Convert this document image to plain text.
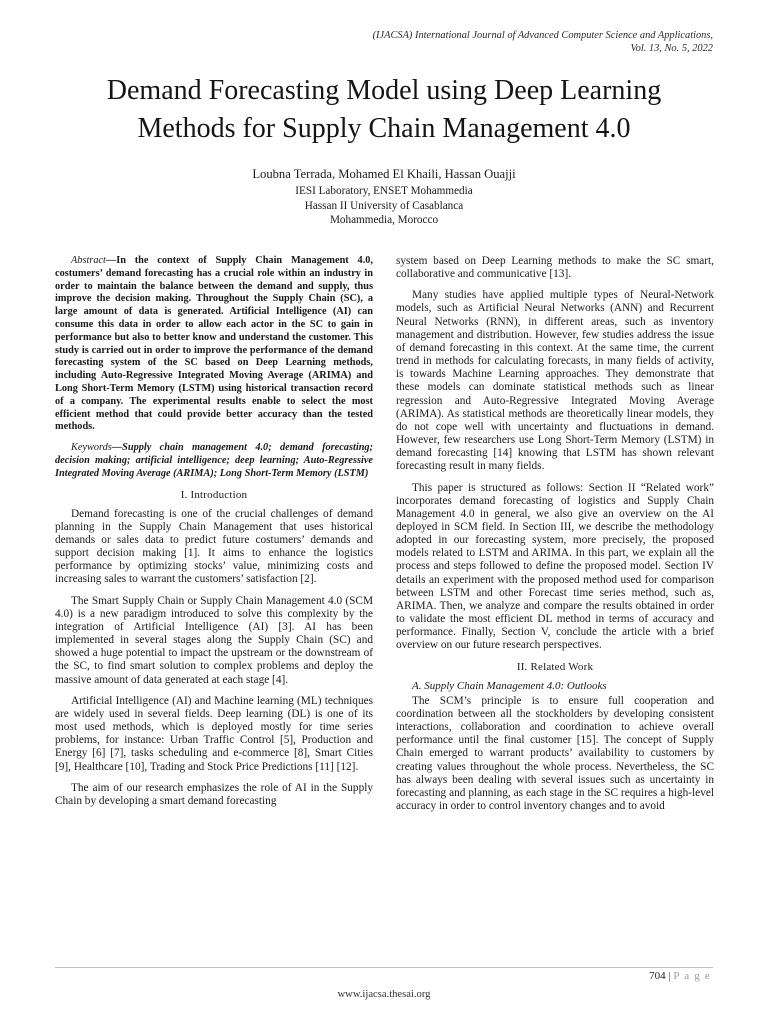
(IJACSA) International Journal of Advanced Computer Science and Applications,
Vol. 13, No. 5, 2022
Demand Forecasting Model using Deep Learning
Methods for Supply Chain Management 4.0
Loubna Terrada, Mohamed El Khaili, Hassan Ouajji
IESI Laboratory, ENSET Mohammedia
Hassan II University of Casablanca
Mohammedia, Morocco

Abstract—In the context of Supply Chain Management 4.0, costumers’ demand forecasting has a crucial role within an industry in order to maintain the balance between the demand and supply, thus improve the decision making. Throughout the Supply Chain (SC), a large amount of data is generated. Artificial Intelligence (AI) can consume this data in order to allow each actor in the SC to gain in performance but also to better know and understand the customer. This study is carried out in order to improve the performance of the demand forecasting system of the SC based on Deep Learning methods, including Auto-Regressive Integrated Moving Average (ARIMA) and Long Short-Term Memory (LSTM) using historical transaction record of a company. The experimental results enable to select the most efficient method that could provide better accuracy than the tested methods.

Keywords—Supply chain management 4.0; demand forecasting; decision making; artificial intelligence; deep learning; Auto-Regressive Integrated Moving Average (ARIMA); Long Short-Term Memory (LSTM)

I. Introduction

Demand forecasting is one of the crucial challenges of demand planning in the Supply Chain Management that uses historical demands or sales data to predict future costumers’ demands and support decision making [1]. It aims to enhance the logistics performance by optimizing stocks’ value, minimizing costs and increasing sales to warrant the customers’ satisfaction [2].

The Smart Supply Chain or Supply Chain Management 4.0 (SCM 4.0) is a new paradigm introduced to solve this complexity by the integration of Artificial Intelligence (AI) [3]. AI has been implemented in several stages along the Supply Chain (SC) and showed a huge potential to impact the upstream or the downstream of the SC, to find smart solution to complex problems and deploy the massive amount of data generated at each stage [4].

Artificial Intelligence (AI) and Machine learning (ML) techniques are widely used in several fields. Deep learning (DL) is one of its most used methods, which is deployed mostly for time series problems, for instance: Urban Traffic Control [5], Production and Energy [6] [7], tasks scheduling and e-commerce [8], Smart Cities [9], Healthcare [10], Trading and Stock Price Predictions [11] [12].

The aim of our research emphasizes the role of AI in the Supply Chain by developing a smart demand forecasting

system based on Deep Learning methods to make the SC smart, collaborative and communicative [13].

Many studies have applied multiple types of Neural-Network models, such as Artificial Neural Networks (ANN) and Recurrent Neural Networks (RNN), in different areas, such as inventory management and distribution. However, few studies address the issue of demand forecasting in this context. At the same time, the current trend in methods for calculating forecasts, in many fields of activity, is towards Machine Learning approaches. They demonstrate that these models can dominate statistical methods such as linear regression and Auto-Regressive Integrated Moving Average (ARIMA). As statistical methods are theoretically linear models, they do not cope well with uncertainty and fluctuations in demand. However, few researchers use Long Short-Term Memory (LSTM) in demand forecasting [14] knowing that LSTM has shown relevant forecasting result in many fields.

This paper is structured as follows: Section II “Related work” incorporates demand forecasting of logistics and Supply Chain Management 4.0 in general, we also give an overview on the AI deployed in SCM field. In Section III, we describe the methodology adopted in our forecasting system, more precisely, the proposed models related to LSTM and ARIMA. In this part, we explain all the process and steps followed to define the proposed model. Section IV details an experiment with the proposed method used for comparison between LSTM and other Forecast time series method, such as, ARIMA. Then, we analyze and compare the results obtained in order to validate the most efficient DL method in terms of accuracy and performance. Finally, Section V, conclude the article with a brief overview on our future research perspectives.

II. Related Work
A. Supply Chain Management 4.0: Outlooks

The SCM’s principle is to ensure full cooperation and coordination between all the stockholders by developing consistent interactions, collaboration and coordination to achieve overall performance until the final customer [15]. The concept of Supply Chain emerged to warrant products’ availability to customers by creating values throughout the whole process. Nevertheless, the SC has always been dealing with several issues such as uncertainty in forecasting and planning, as each stage in the SC requires a high-level accuracy in order to control inventory changes and to avoid

704 | P a g e
www.ijacsa.thesai.org
